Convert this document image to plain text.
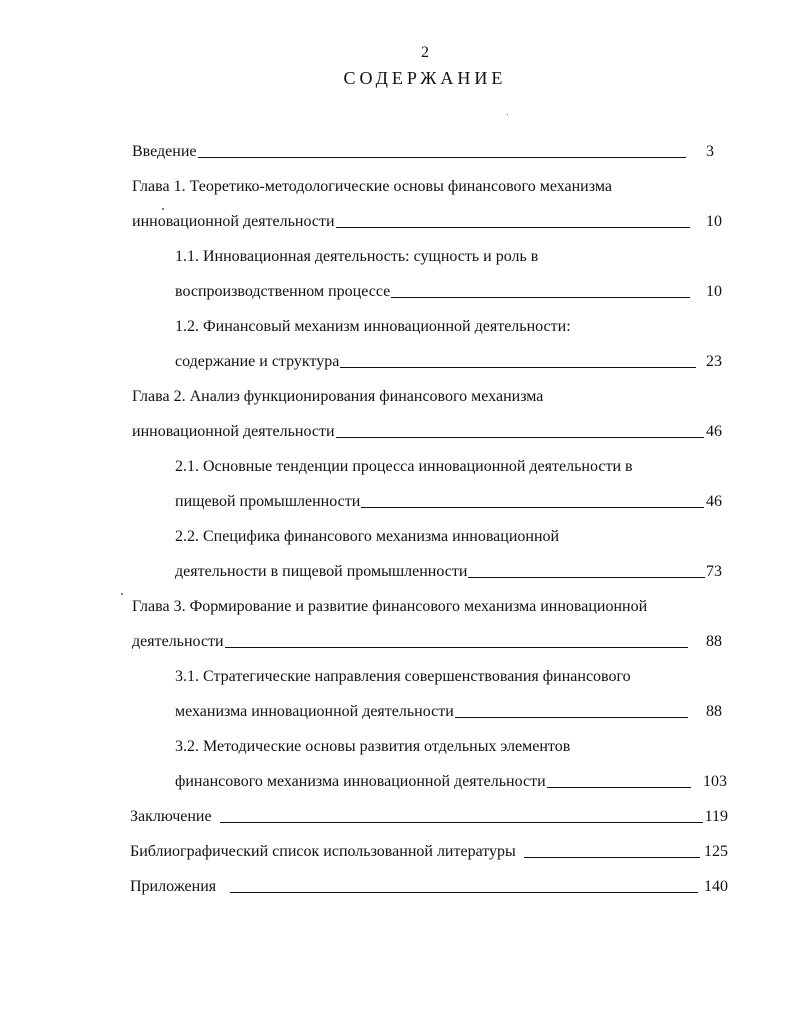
2
СОДЕРЖАНИЕ
Введение	3
Глава 1. Теоретико-методологические основы финансового механизма
инновационной деятельности	10
1.1. Инновационная деятельность: сущность и роль в
воспроизводственном процессе	10
1.2. Финансовый механизм инновационной деятельности:
содержание и структура	23
Глава 2. Анализ функционирования финансового механизма
инновационной деятельности	46
2.1. Основные тенденции процесса инновационной деятельности в
пищевой промышленности	46
2.2. Специфика финансового механизма инновационной
деятельности в пищевой промышленности	73
Глава 3. Формирование и развитие финансового механизма инновационной
деятельности	88
3.1. Стратегические направления совершенствования финансового
механизма инновационной деятельности	88
3.2. Методические основы развития отдельных элементов
финансового механизма инновационной деятельности	103
Заключение	119
Библиографический список использованной литературы	125
Приложения	140
